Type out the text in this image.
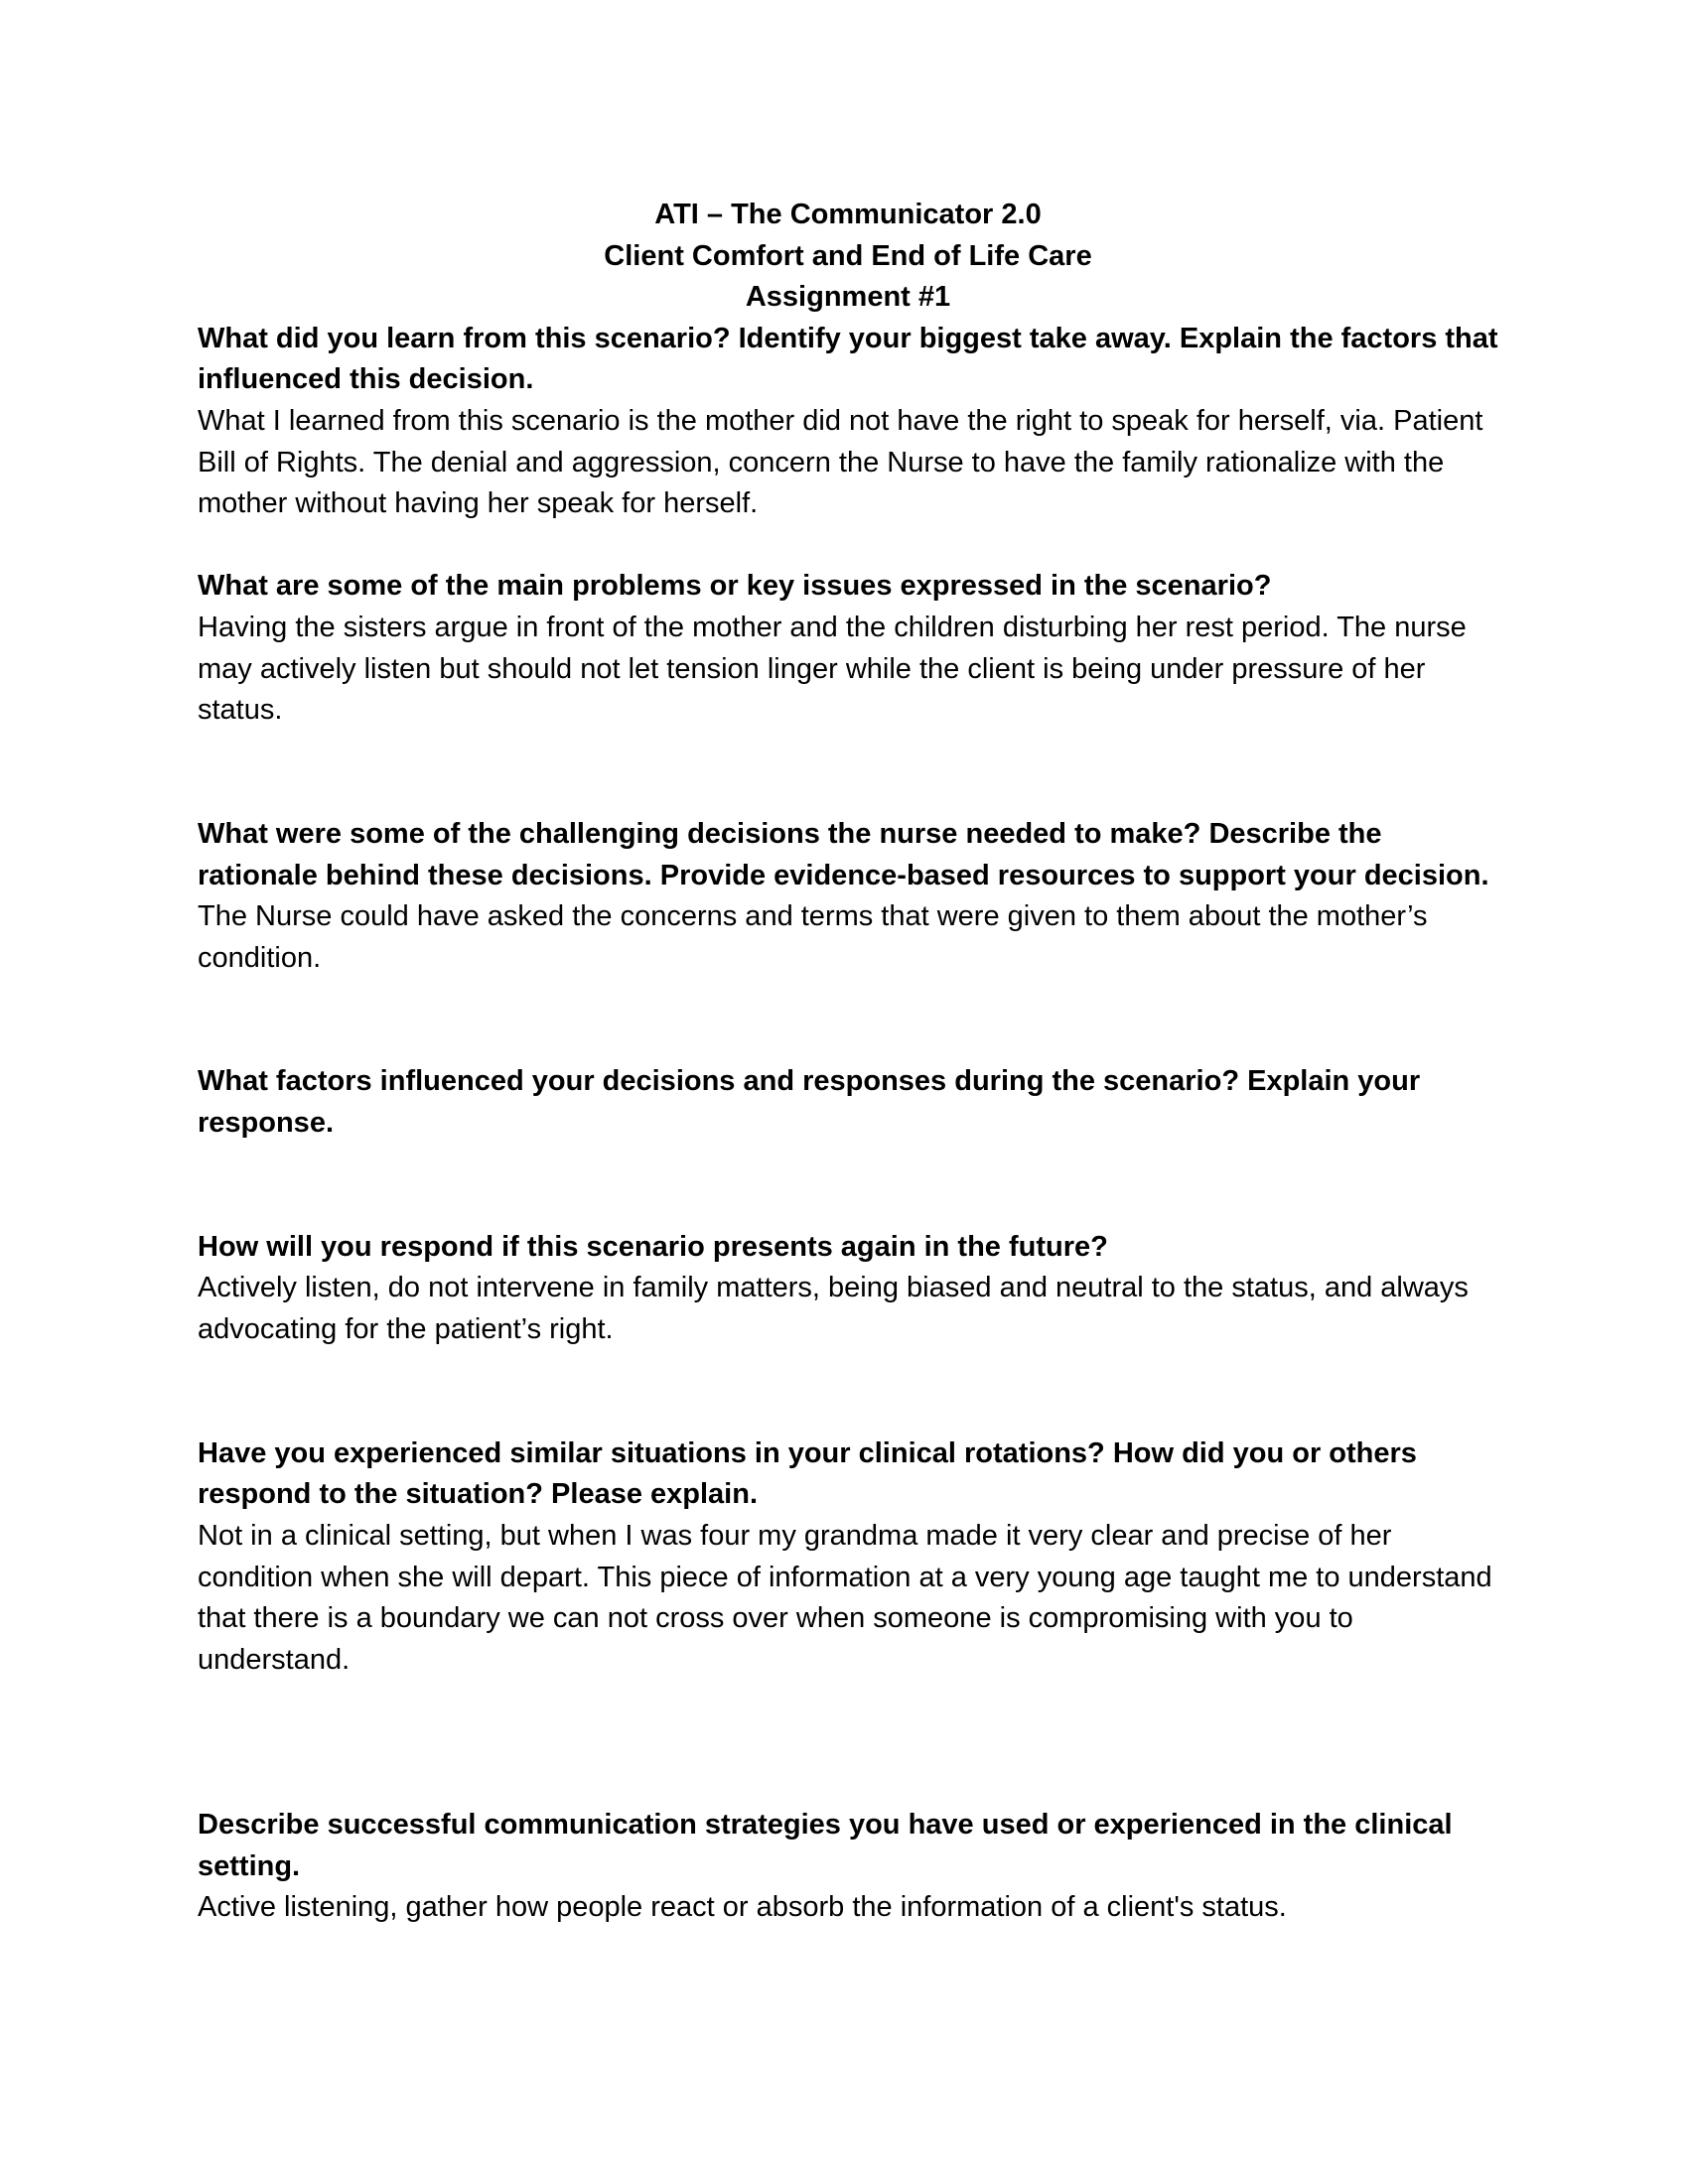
ATI – The Communicator 2.0
Client Comfort and End of Life Care
Assignment #1

What did you learn from this scenario? Identify your biggest take away. Explain the factors that influenced this decision.

What I learned from this scenario is the mother did not have the right to speak for herself, via. Patient Bill of Rights. The denial and aggression, concern the Nurse to have the family rationalize with the mother without having her speak for herself.

What are some of the main problems or key issues expressed in the scenario?

Having the sisters argue in front of the mother and the children disturbing her rest period. The nurse may actively listen but should not let tension linger while the client is being under pressure of her status.

What were some of the challenging decisions the nurse needed to make? Describe the rationale behind these decisions. Provide evidence-based resources to support your decision.

The Nurse could have asked the concerns and terms that were given to them about the mother’s condition.

What factors influenced your decisions and responses during the scenario? Explain your response.

How will you respond if this scenario presents again in the future?

Actively listen, do not intervene in family matters, being biased and neutral to the status, and always advocating for the patient’s right.

Have you experienced similar situations in your clinical rotations? How did you or others respond to the situation? Please explain.

Not in a clinical setting, but when I was four my grandma made it very clear and precise of her condition when she will depart. This piece of information at a very young age taught me to understand that there is a boundary we can not cross over when someone is compromising with you to understand.

Describe successful communication strategies you have used or experienced in the clinical setting.

Active listening, gather how people react or absorb the information of a client's status.
